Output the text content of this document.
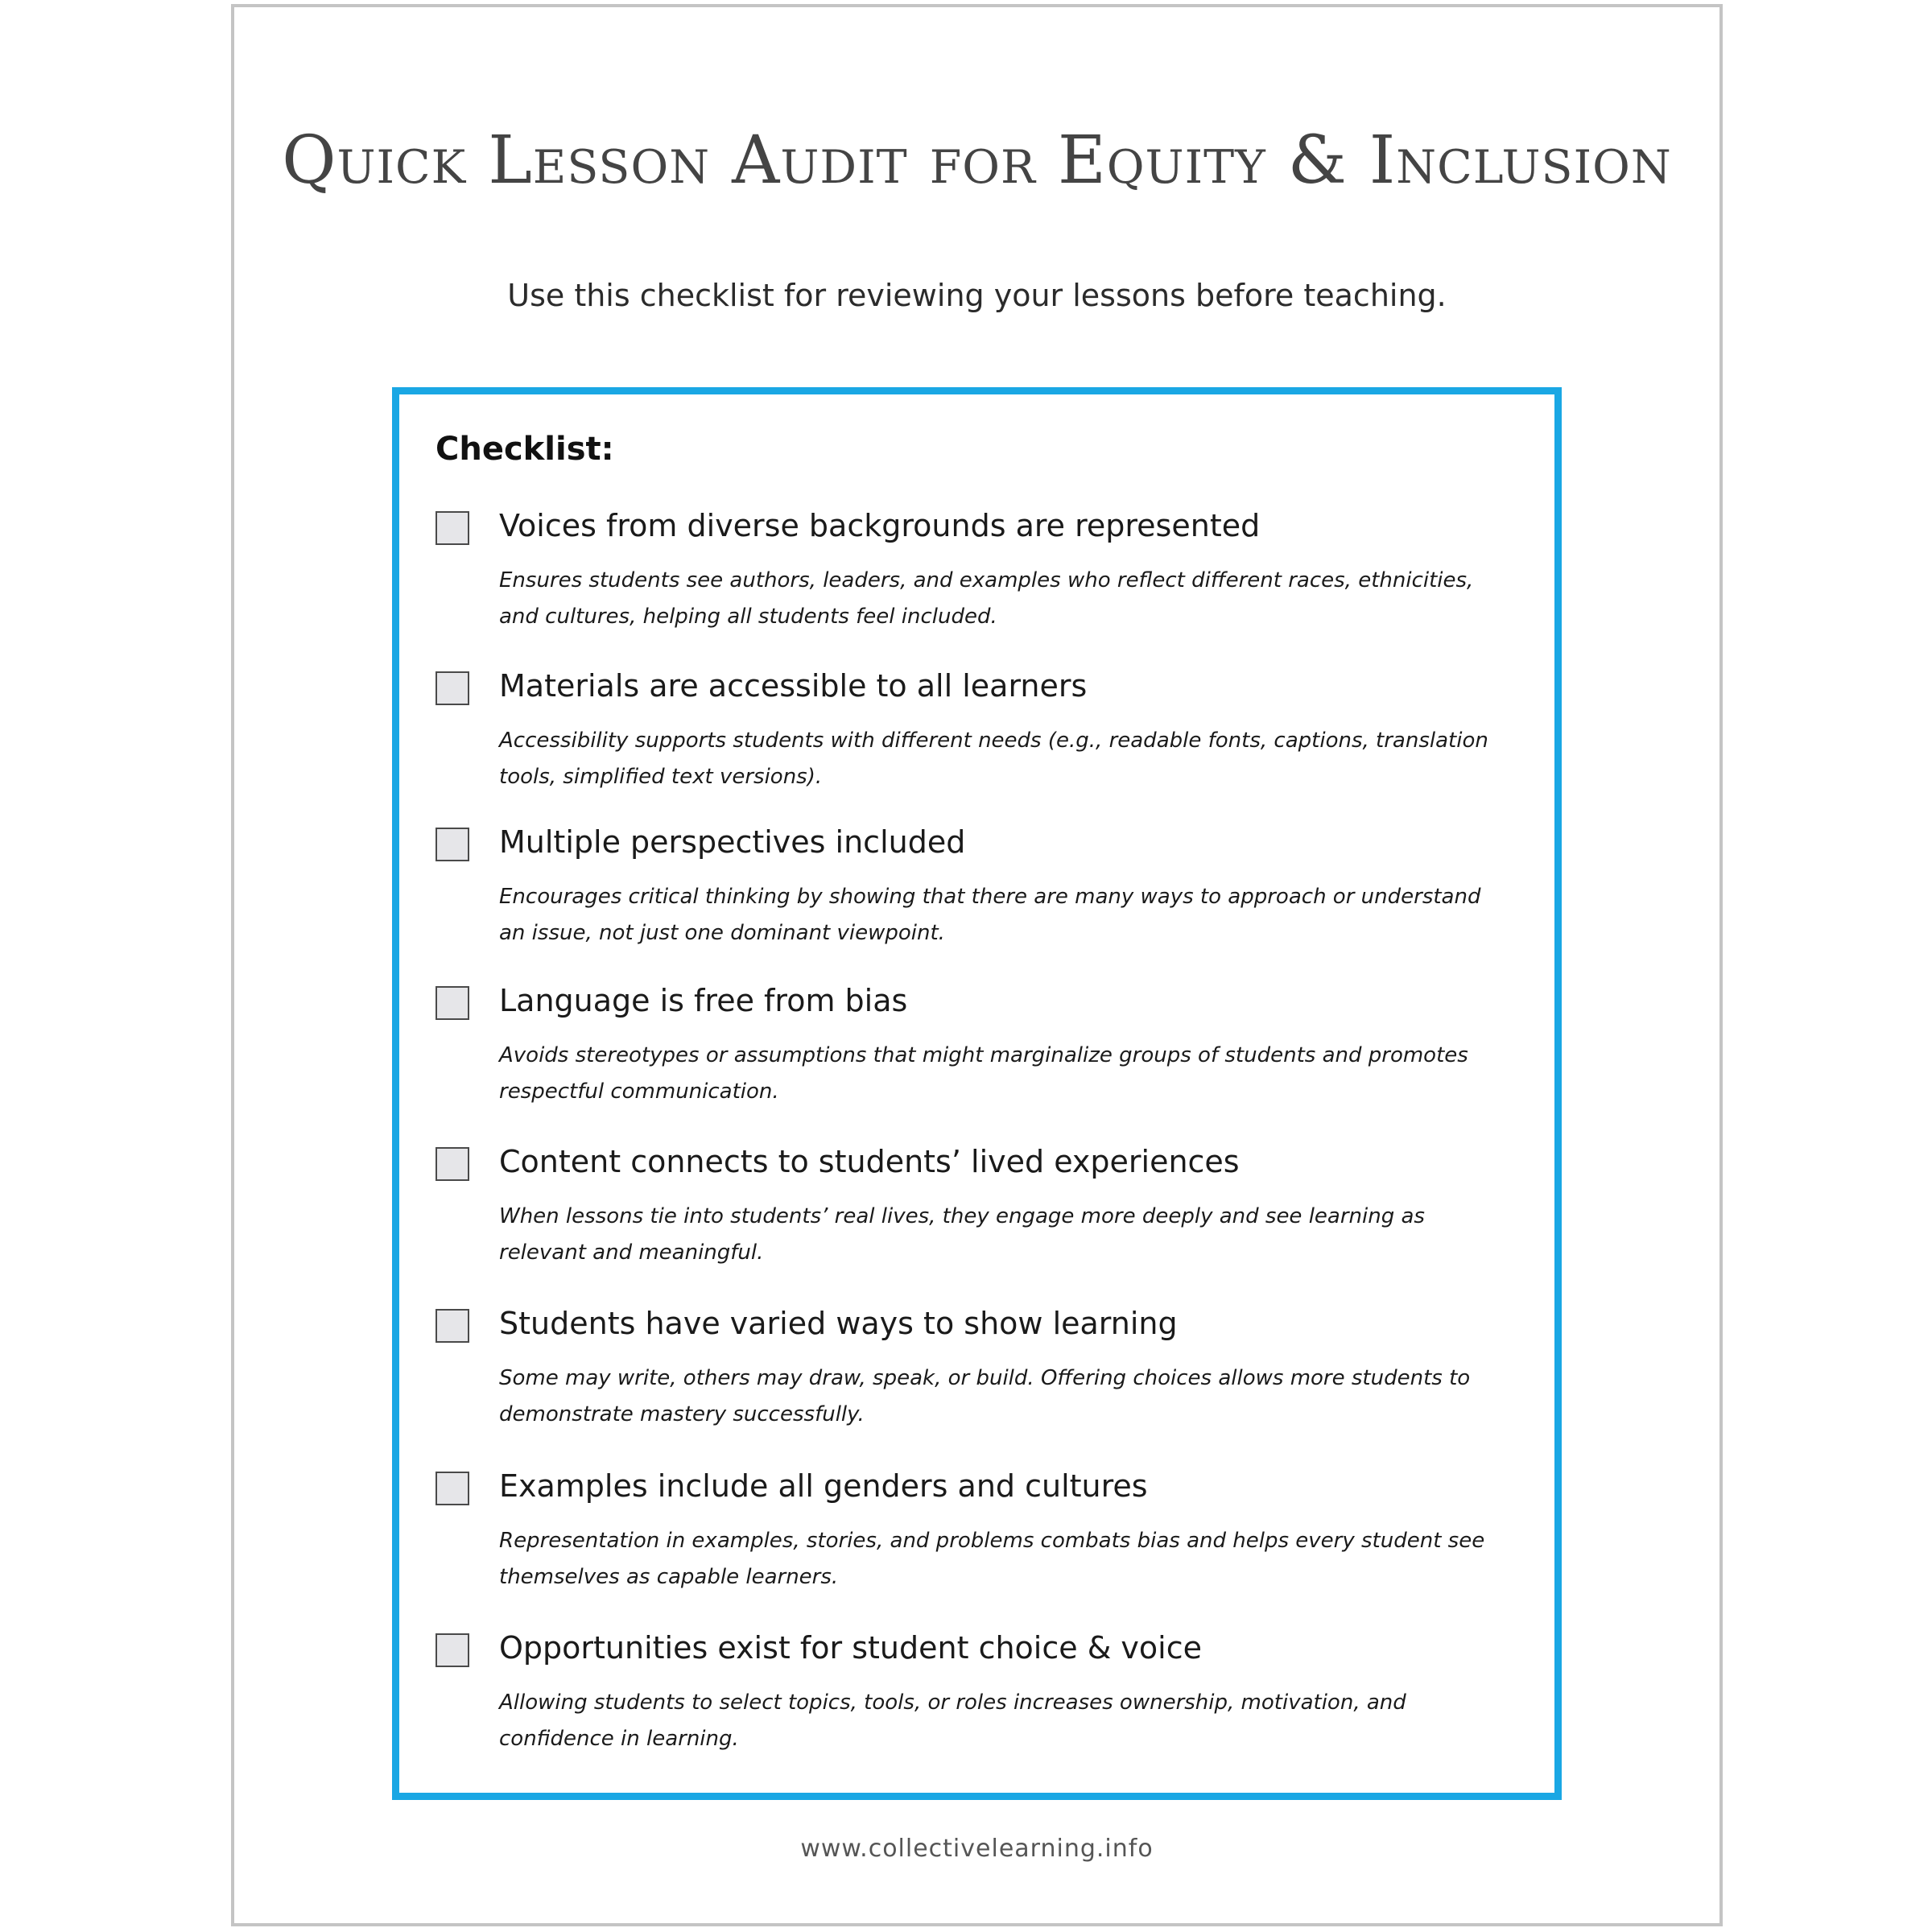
Quick Lesson Audit for Equity & Inclusion

Use this checklist for reviewing your lessons before teaching.

Checklist:
Voices from diverse backgrounds are represented

Ensures students see authors, leaders, and examples who reflect different races, ethnicities, and cultures, helping all students feel included.

Materials are accessible to all learners

Accessibility supports students with different needs (e.g., readable fonts, captions, translation tools, simplified text versions).

Multiple perspectives included

Encourages critical thinking by showing that there are many ways to approach or understand an issue, not just one dominant viewpoint.

Language is free from bias

Avoids stereotypes or assumptions that might marginalize groups of students and promotes respectful communication.

Content connects to students’ lived experiences

When lessons tie into students’ real lives, they engage more deeply and see learning as relevant and meaningful.

Students have varied ways to show learning

Some may write, others may draw, speak, or build. Offering choices allows more students to demonstrate mastery successfully.

Examples include all genders and cultures

Representation in examples, stories, and problems combats bias and helps every student see themselves as capable learners.

Opportunities exist for student choice & voice

Allowing students to select topics, tools, or roles increases ownership, motivation, and confidence in learning.

www.collectivelearning.info
